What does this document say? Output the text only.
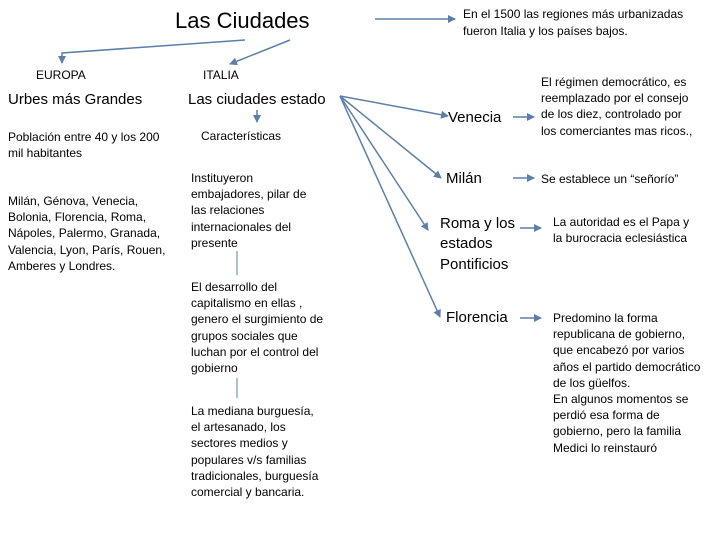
Las Ciudades	En el 1500 las regiones más urbanizadas fueron Italia y los países bajos.
EUROPA
Urbes más Grandes
Población entre 40 y los 200 mil habitantes
Milán, Génova, Venecia, Bolonia, Florencia, Roma, Nápoles, Palermo, Granada, Valencia, Lyon, París, Rouen, Amberes y Londres.
ITALIA
Las ciudades estado
Características
Instituyeron embajadores, pilar de las relaciones internacionales del presente
El desarrollo del capitalismo en ellas , genero el surgimiento de grupos sociales que luchan por el control del gobierno
La mediana burguesía, el artesanado, los sectores medios y populares v/s familias tradicionales, burguesía comercial y bancaria.
Venecia
El régimen democrático, es reemplazado por el consejo de los diez, controlado por los comerciantes mas ricos.,
Milán	Se establece un “señorío”
Roma y los estados Pontificios
La autoridad es el Papa y la burocracia eclesiástica
Florencia	Predomino la forma republicana de gobierno, que encabezó por varios años el partido democrático de los güelfos.
En algunos momentos se perdió esa forma de gobierno, pero la familia Medici lo reinstauró
